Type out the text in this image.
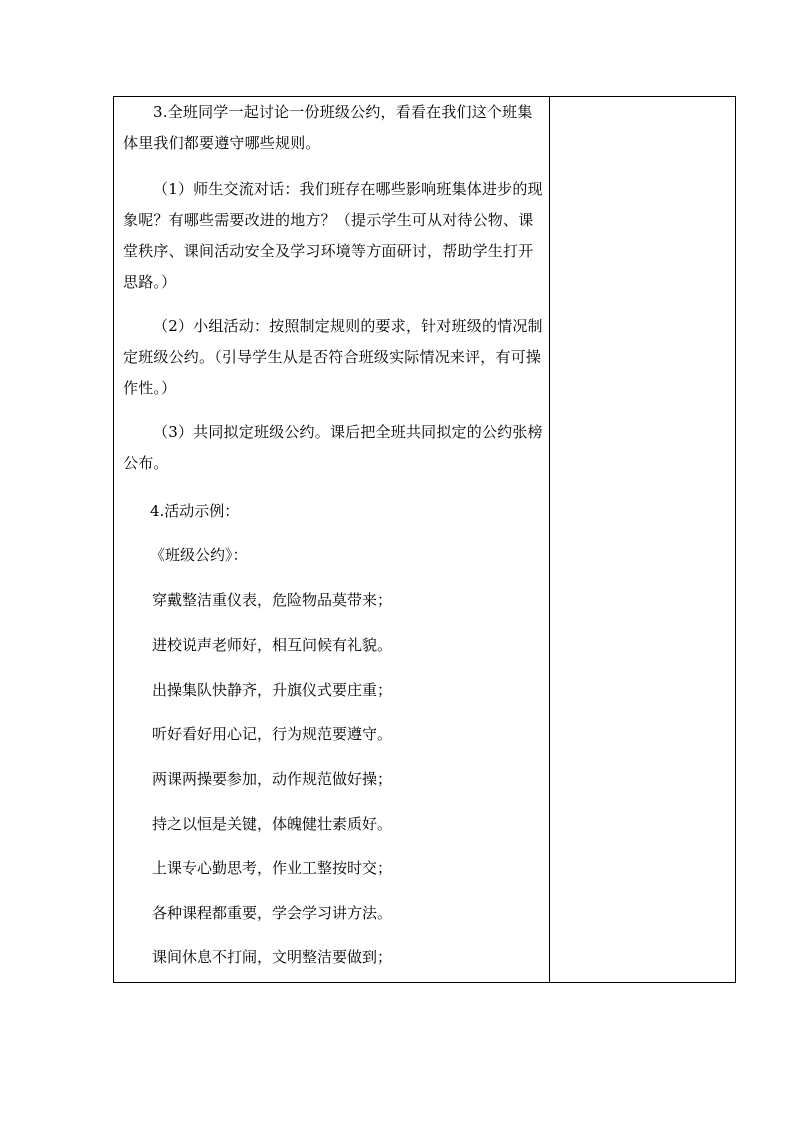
3.全班同学一起讨论一份班级公约，看看在我们这个班集体里我们都要遵守哪些规则。
（1）师生交流对话：我们班存在哪些影响班集体进步的现象呢？有哪些需要改进的地方？（提示学生可从对待公物、课堂秩序、课间活动安全及学习环境等方面研讨，帮助学生打开思路。）
（2）小组活动：按照制定规则的要求，针对班级的情况制定班级公约。（引导学生从是否符合班级实际情况来评，有可操作性。）
（3）共同拟定班级公约。课后把全班共同拟定的公约张榜公布。
4.活动示例：
《班级公约》：
穿戴整洁重仪表，危险物品莫带来；
进校说声老师好，相互问候有礼貌。
出操集队快静齐，升旗仪式要庄重；
听好看好用心记，行为规范要遵守。
两课两操要参加，动作规范做好操；
持之以恒是关键，体魄健壮素质好。
上课专心勤思考，作业工整按时交；
各种课程都重要，学会学习讲方法。
课间休息不打闹，文明整洁要做到；
